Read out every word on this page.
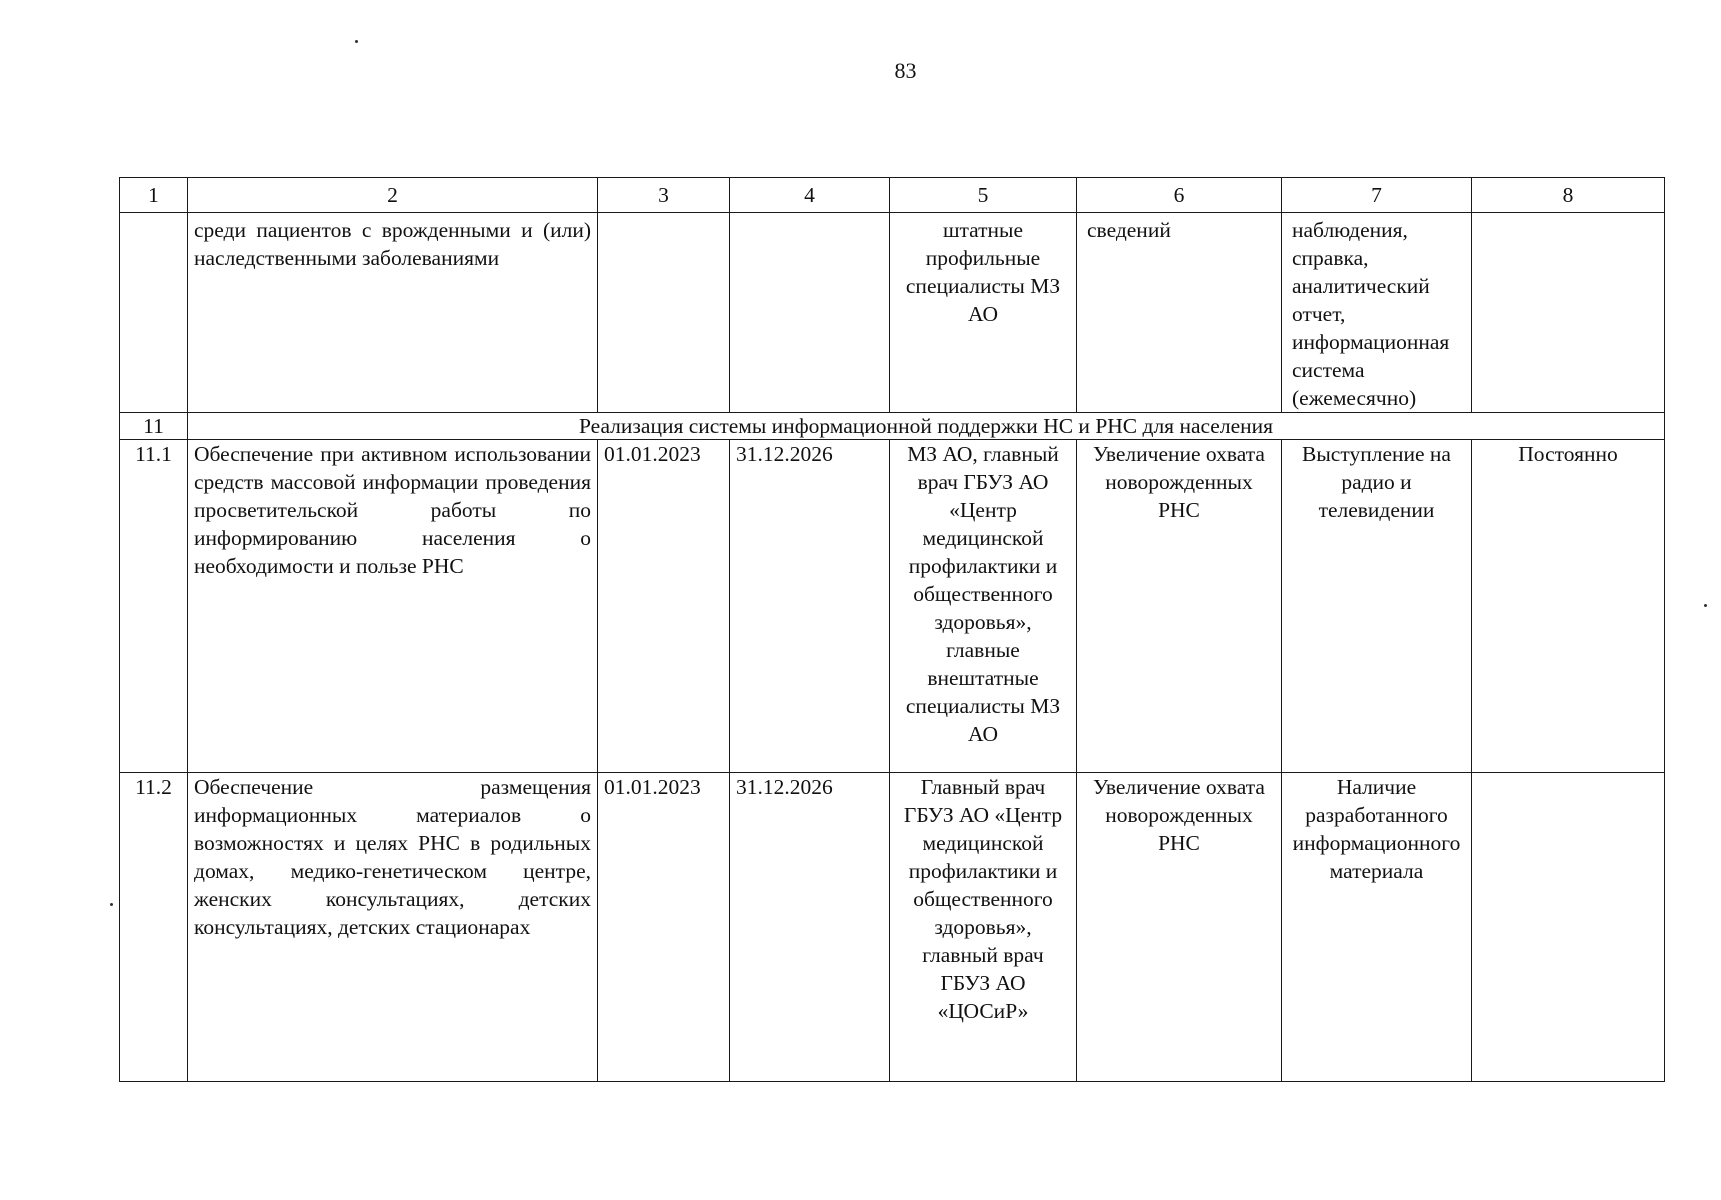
83
1	2	3	4	5	6	7	8
	среди пациентов с врожденными и (или) наследственными заболеваниями			штатные профильные специалисты МЗ АО	сведений	наблюдения, справка, аналитический отчет, информационная система (ежемесячно)	
11	Реализация системы информационной поддержки НС и РНС для населения						
11.1	Обеспечение при активном использовании средств массовой информации проведения просветительской работы по информированию населения о необходимости и пользе РНС	01.01.2023	31.12.2026	МЗ АО, главный врач ГБУЗ АО «Центр медицинской профилактики и общественного здоровья», главные внештатные специалисты МЗ АО	Увеличение охвата новорожденных РНС	Выступление на радио и телевидении	Постоянно
11.2	Обеспечение размещения информационных материалов о возможностях и целях РНС в родильных домах, медико-генетическом центре, женских консультациях, детских консультациях, детских стационарах	01.01.2023	31.12.2026	Главный врач ГБУЗ АО «Центр медицинской профилактики и общественного здоровья», главный врач ГБУЗ АО «ЦОСиР»	Увеличение охвата новорожденных РНС	Наличие разработанного информационного материала	
